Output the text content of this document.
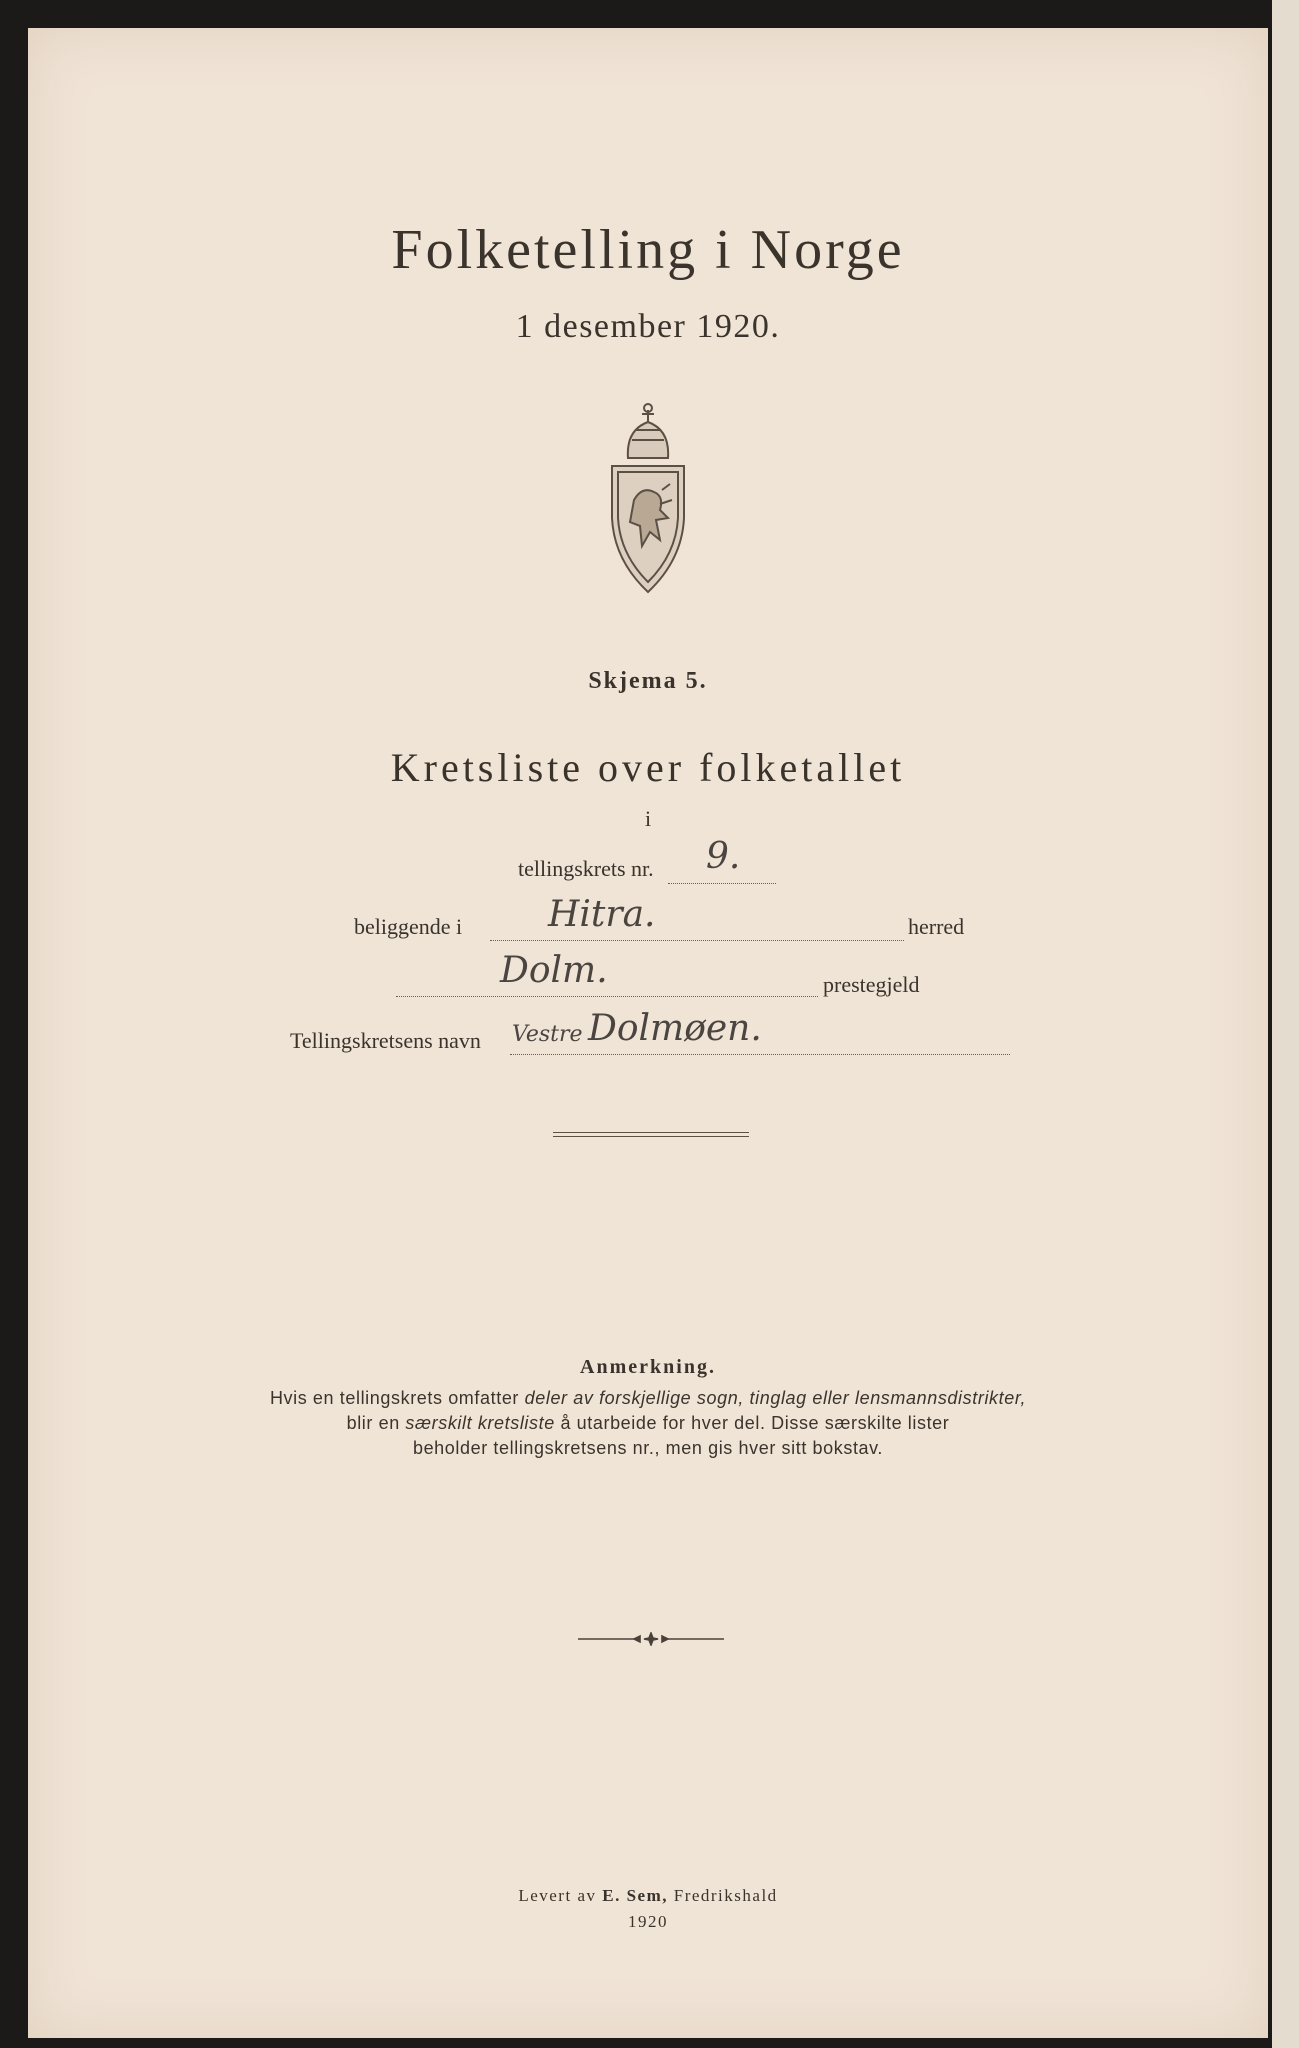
Folketelling i Norge
1 desember 1920.
Skjema 5.
Kretsliste over folketallet
i
tellingskrets nr. 9.
beliggende i Hitra.	herred
Dolm.	prestegjeld
Tellingskretsens navn Vestre Dolmøen.
Anmerkning.
Hvis en tellingskrets omfatter deler av forskjellige sogn, tinglag eller lensmannsdistrikter,
blir en særskilt kretsliste å utarbeide for hver del. Disse særskilte lister
beholder tellingskretsens nr., men gis hver sitt bokstav.
Levert av E. Sem, Fredrikshald
1920
